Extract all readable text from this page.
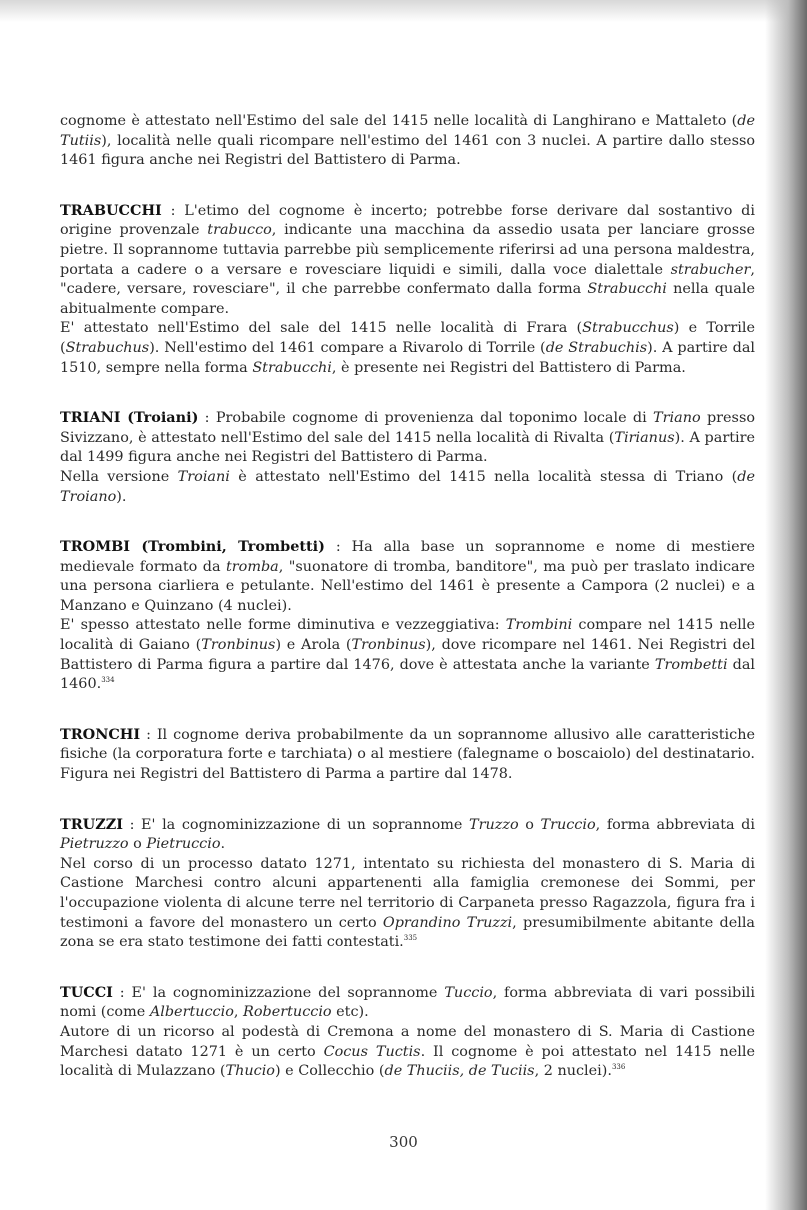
cognome è attestato nell'Estimo del sale del 1415 nelle località di Langhirano e Mattaleto (de Tutiis), località nelle quali ricompare nell'estimo del 1461 con 3 nuclei. A partire dallo stesso 1461 figura anche nei Registri del Battistero di Parma.

TRABUCCHI : L'etimo del cognome è incerto; potrebbe forse derivare dal sostantivo di origine provenzale trabucco, indicante una macchina da assedio usata per lanciare grosse pietre. Il soprannome tuttavia parrebbe più semplicemente riferirsi ad una persona maldestra, portata a cadere o a versare e rovesciare liquidi e simili, dalla voce dialettale strabucher, "cadere, versare, rovesciare", il che parrebbe confermato dalla forma Strabucchi nella quale abitualmente compare.

E' attestato nell'Estimo del sale del 1415 nelle località di Frara (Strabucchus) e Torrile (Strabuchus). Nell'estimo del 1461 compare a Rivarolo di Torrile (de Strabuchis). A partire dal 1510, sempre nella forma Strabucchi, è presente nei Registri del Battistero di Parma.

TRIANI (Troiani) : Probabile cognome di provenienza dal toponimo locale di Triano presso Sivizzano, è attestato nell'Estimo del sale del 1415 nella località di Rivalta (Tirianus). A partire dal 1499 figura anche nei Registri del Battistero di Parma.

Nella versione Troiani è attestato nell'Estimo del 1415 nella località stessa di Triano (de Troiano).

TROMBI (Trombini, Trombetti) : Ha alla base un soprannome e nome di mestiere medievale formato da tromba, "suonatore di tromba, banditore", ma può per traslato indicare una persona ciarliera e petulante. Nell'estimo del 1461 è presente a Campora (2 nuclei) e a Manzano e Quinzano (4 nuclei).

E' spesso attestato nelle forme diminutiva e vezzeggiativa: Trombini compare nel 1415 nelle località di Gaiano (Tronbinus) e Arola (Tronbinus), dove ricompare nel 1461. Nei Registri del Battistero di Parma figura a partire dal 1476, dove è attestata anche la variante Trombetti dal 1460.$^{334}$

TRONCHI : Il cognome deriva probabilmente da un soprannome allusivo alle caratteristiche fisiche (la corporatura forte e tarchiata) o al mestiere (falegname o boscaiolo) del destinatario. Figura nei Registri del Battistero di Parma a partire dal 1478.

TRUZZI : E' la cognominizzazione di un soprannome Truzzo o Truccio, forma abbreviata di Pietruzzo o Pietruccio.

Nel corso di un processo datato 1271, intentato su richiesta del monastero di S. Maria di Castione Marchesi contro alcuni appartenenti alla famiglia cremonese dei Sommi, per l'occupazione violenta di alcune terre nel territorio di Carpaneta presso Ragazzola, figura fra i testimoni a favore del monastero un certo Oprandino Truzzi, presumibilmente abitante della zona se era stato testimone dei fatti contestati.$^{335}$

TUCCI : E' la cognominizzazione del soprannome Tuccio, forma abbreviata di vari possibili nomi (come Albertuccio, Robertuccio etc).

Autore di un ricorso al podestà di Cremona a nome del monastero di S. Maria di Castione Marchesi datato 1271 è un certo Cocus Tuctis. Il cognome è poi attestato nel 1415 nelle località di Mulazzano (Thucio) e Collecchio (de Thuciis, de Tuciis, 2 nuclei).$^{336}$

300
